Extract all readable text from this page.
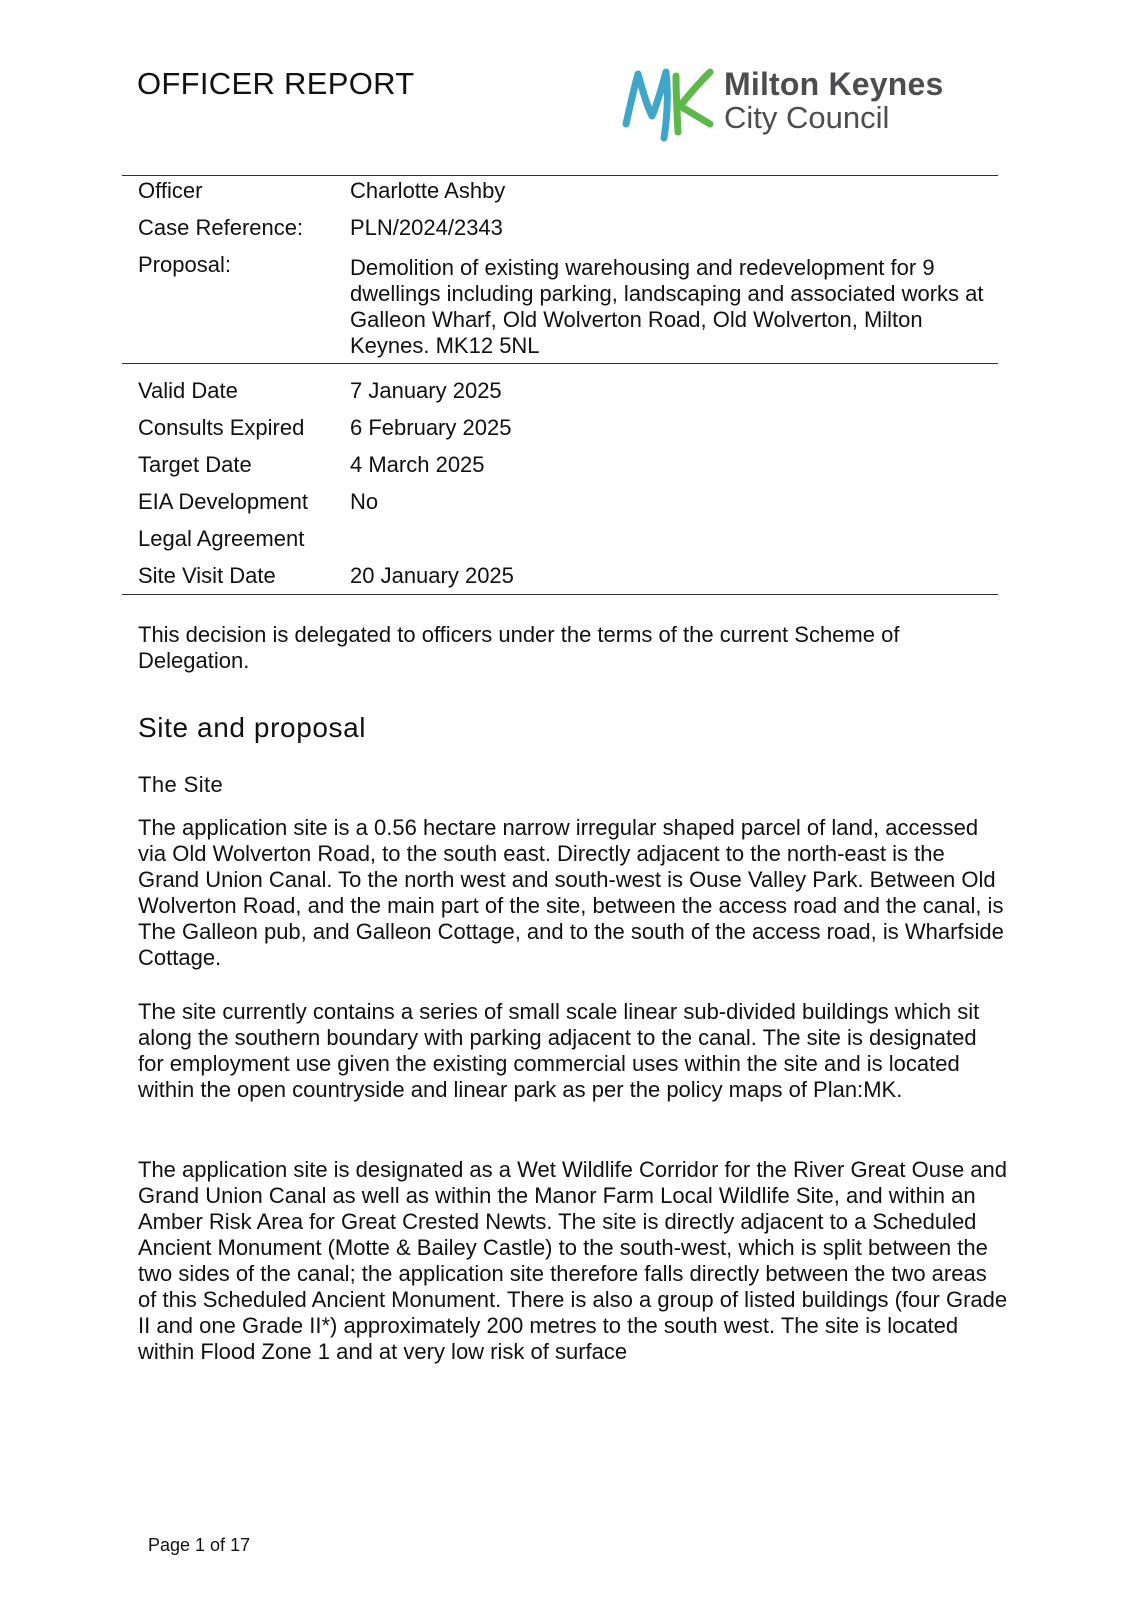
OFFICER REPORT	Milton Keynes
City Council
Officer	Charlotte Ashby
Case Reference: PLN/2024/2343
Proposal:	Demolition of existing warehousing and redevelopment for 9 dwellings including parking, landscaping and associated works at Galleon Wharf, Old Wolverton Road, Old Wolverton, Milton Keynes. MK12 5NL
Valid Date	7 January 2025
Consults Expired 6 February 2025
Target Date	4 March 2025
EIA Development No
Legal Agreement
Site Visit Date	20 January 2025
This decision is delegated to officers under the terms of the current Scheme of Delegation.
Site and proposal
The Site
The application site is a 0.56 hectare narrow irregular shaped parcel of land, accessed via Old Wolverton Road, to the south east. Directly adjacent to the north-east is the Grand Union Canal. To the north west and south-west is Ouse Valley Park. Between Old Wolverton Road, and the main part of the site, between the access road and the canal, is The Galleon pub, and Galleon Cottage, and to the south of the access road, is Wharfside Cottage.
The site currently contains a series of small scale linear sub-divided buildings which sit along the southern boundary with parking adjacent to the canal. The site is designated for employment use given the existing commercial uses within the site and is located within the open countryside and linear park as per the policy maps of Plan:MK.
The application site is designated as a Wet Wildlife Corridor for the River Great Ouse and Grand Union Canal as well as within the Manor Farm Local Wildlife Site, and within an Amber Risk Area for Great Crested Newts. The site is directly adjacent to a Scheduled Ancient Monument (Motte & Bailey Castle) to the south-west, which is split between the two sides of the canal; the application site therefore falls directly between the two areas of this Scheduled Ancient Monument. There is also a group of listed buildings (four Grade II and one Grade II*) approximately 200 metres to the south west. The site is located within Flood Zone 1 and at very low risk of surface
Page 1 of 17
